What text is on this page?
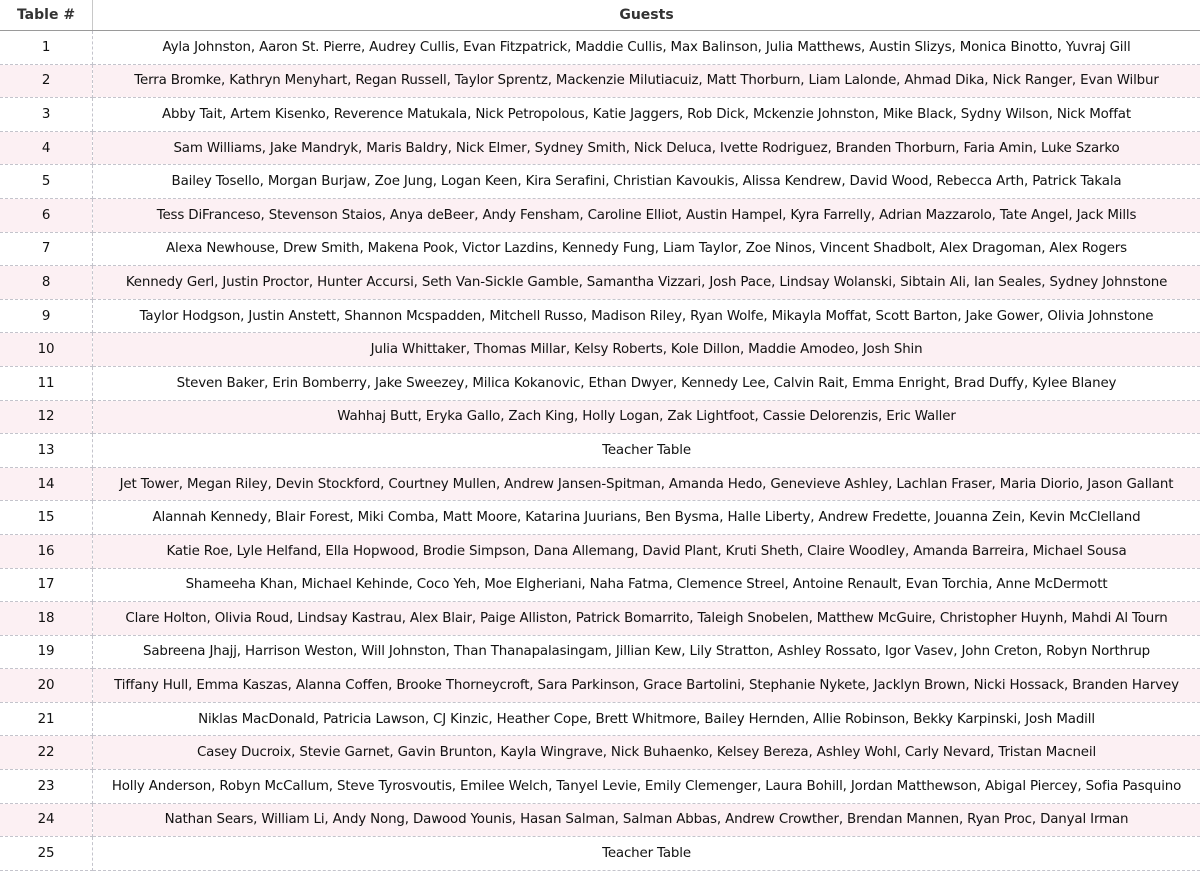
Table #	Guests
1	Ayla Johnston, Aaron St. Pierre, Audrey Cullis, Evan Fitzpatrick, Maddie Cullis, Max Balinson, Julia Matthews, Austin Slizys, Monica Binotto, Yuvraj Gill
2	Terra Bromke, Kathryn Menyhart, Regan Russell, Taylor Sprentz, Mackenzie Milutiacuiz, Matt Thorburn, Liam Lalonde, Ahmad Dika, Nick Ranger, Evan Wilbur
3	Abby Tait, Artem Kisenko, Reverence Matukala, Nick Petropolous, Katie Jaggers, Rob Dick, Mckenzie Johnston, Mike Black, Sydny Wilson, Nick Moffat
4	Sam Williams, Jake Mandryk, Maris Baldry, Nick Elmer, Sydney Smith, Nick Deluca, Ivette Rodriguez, Branden Thorburn, Faria Amin, Luke Szarko
5	Bailey Tosello, Morgan Burjaw, Zoe Jung, Logan Keen, Kira Serafini, Christian Kavoukis, Alissa Kendrew, David Wood, Rebecca Arth, Patrick Takala
6	Tess DiFranceso, Stevenson Staios, Anya deBeer, Andy Fensham, Caroline Elliot, Austin Hampel, Kyra Farrelly, Adrian Mazzarolo, Tate Angel, Jack Mills
7	Alexa Newhouse, Drew Smith, Makena Pook, Victor Lazdins, Kennedy Fung, Liam Taylor, Zoe Ninos, Vincent Shadbolt, Alex Dragoman, Alex Rogers
8	Kennedy Gerl, Justin Proctor, Hunter Accursi, Seth Van-Sickle Gamble, Samantha Vizzari, Josh Pace, Lindsay Wolanski, Sibtain Ali, Ian Seales, Sydney Johnstone
9	Taylor Hodgson, Justin Anstett, Shannon Mcspadden, Mitchell Russo, Madison Riley, Ryan Wolfe, Mikayla Moffat, Scott Barton, Jake Gower, Olivia Johnstone
10	Julia Whittaker, Thomas Millar, Kelsy Roberts, Kole Dillon, Maddie Amodeo, Josh Shin
11	Steven Baker, Erin Bomberry, Jake Sweezey, Milica Kokanovic, Ethan Dwyer, Kennedy Lee, Calvin Rait, Emma Enright, Brad Duffy, Kylee Blaney
12	Wahhaj Butt, Eryka Gallo, Zach King, Holly Logan, Zak Lightfoot, Cassie Delorenzis, Eric Waller
13	Teacher Table
14	Jet Tower, Megan Riley, Devin Stockford, Courtney Mullen, Andrew Jansen-Spitman, Amanda Hedo, Genevieve Ashley, Lachlan Fraser, Maria Diorio, Jason Gallant
15	Alannah Kennedy, Blair Forest, Miki Comba, Matt Moore, Katarina Juurians, Ben Bysma, Halle Liberty, Andrew Fredette, Jouanna Zein, Kevin McClelland
16	Katie Roe, Lyle Helfand, Ella Hopwood, Brodie Simpson, Dana Allemang, David Plant, Kruti Sheth, Claire Woodley, Amanda Barreira, Michael Sousa
17	Shameeha Khan, Michael Kehinde, Coco Yeh, Moe Elgheriani, Naha Fatma, Clemence Streel, Antoine Renault, Evan Torchia, Anne McDermott
18	Clare Holton, Olivia Roud, Lindsay Kastrau, Alex Blair, Paige Alliston, Patrick Bomarrito, Taleigh Snobelen, Matthew McGuire, Christopher Huynh, Mahdi Al Tourn
19	Sabreena Jhajj, Harrison Weston, Will Johnston, Than Thanapalasingam, Jillian Kew, Lily Stratton, Ashley Rossato, Igor Vasev, John Creton, Robyn Northrup
20	Tiffany Hull, Emma Kaszas, Alanna Coffen, Brooke Thorneycroft, Sara Parkinson, Grace Bartolini, Stephanie Nykete, Jacklyn Brown, Nicki Hossack, Branden Harvey
21	Niklas MacDonald, Patricia Lawson, CJ Kinzic, Heather Cope, Brett Whitmore, Bailey Hernden, Allie Robinson, Bekky Karpinski, Josh Madill
22	Casey Ducroix, Stevie Garnet, Gavin Brunton, Kayla Wingrave, Nick Buhaenko, Kelsey Bereza, Ashley Wohl, Carly Nevard, Tristan Macneil
23	Holly Anderson, Robyn McCallum, Steve Tyrosvoutis, Emilee Welch, Tanyel Levie, Emily Clemenger, Laura Bohill, Jordan Matthewson, Abigal Piercey, Sofia Pasquino
24	Nathan Sears, William Li, Andy Nong, Dawood Younis, Hasan Salman, Salman Abbas, Andrew Crowther, Brendan Mannen, Ryan Proc, Danyal Irman
25	Teacher Table
